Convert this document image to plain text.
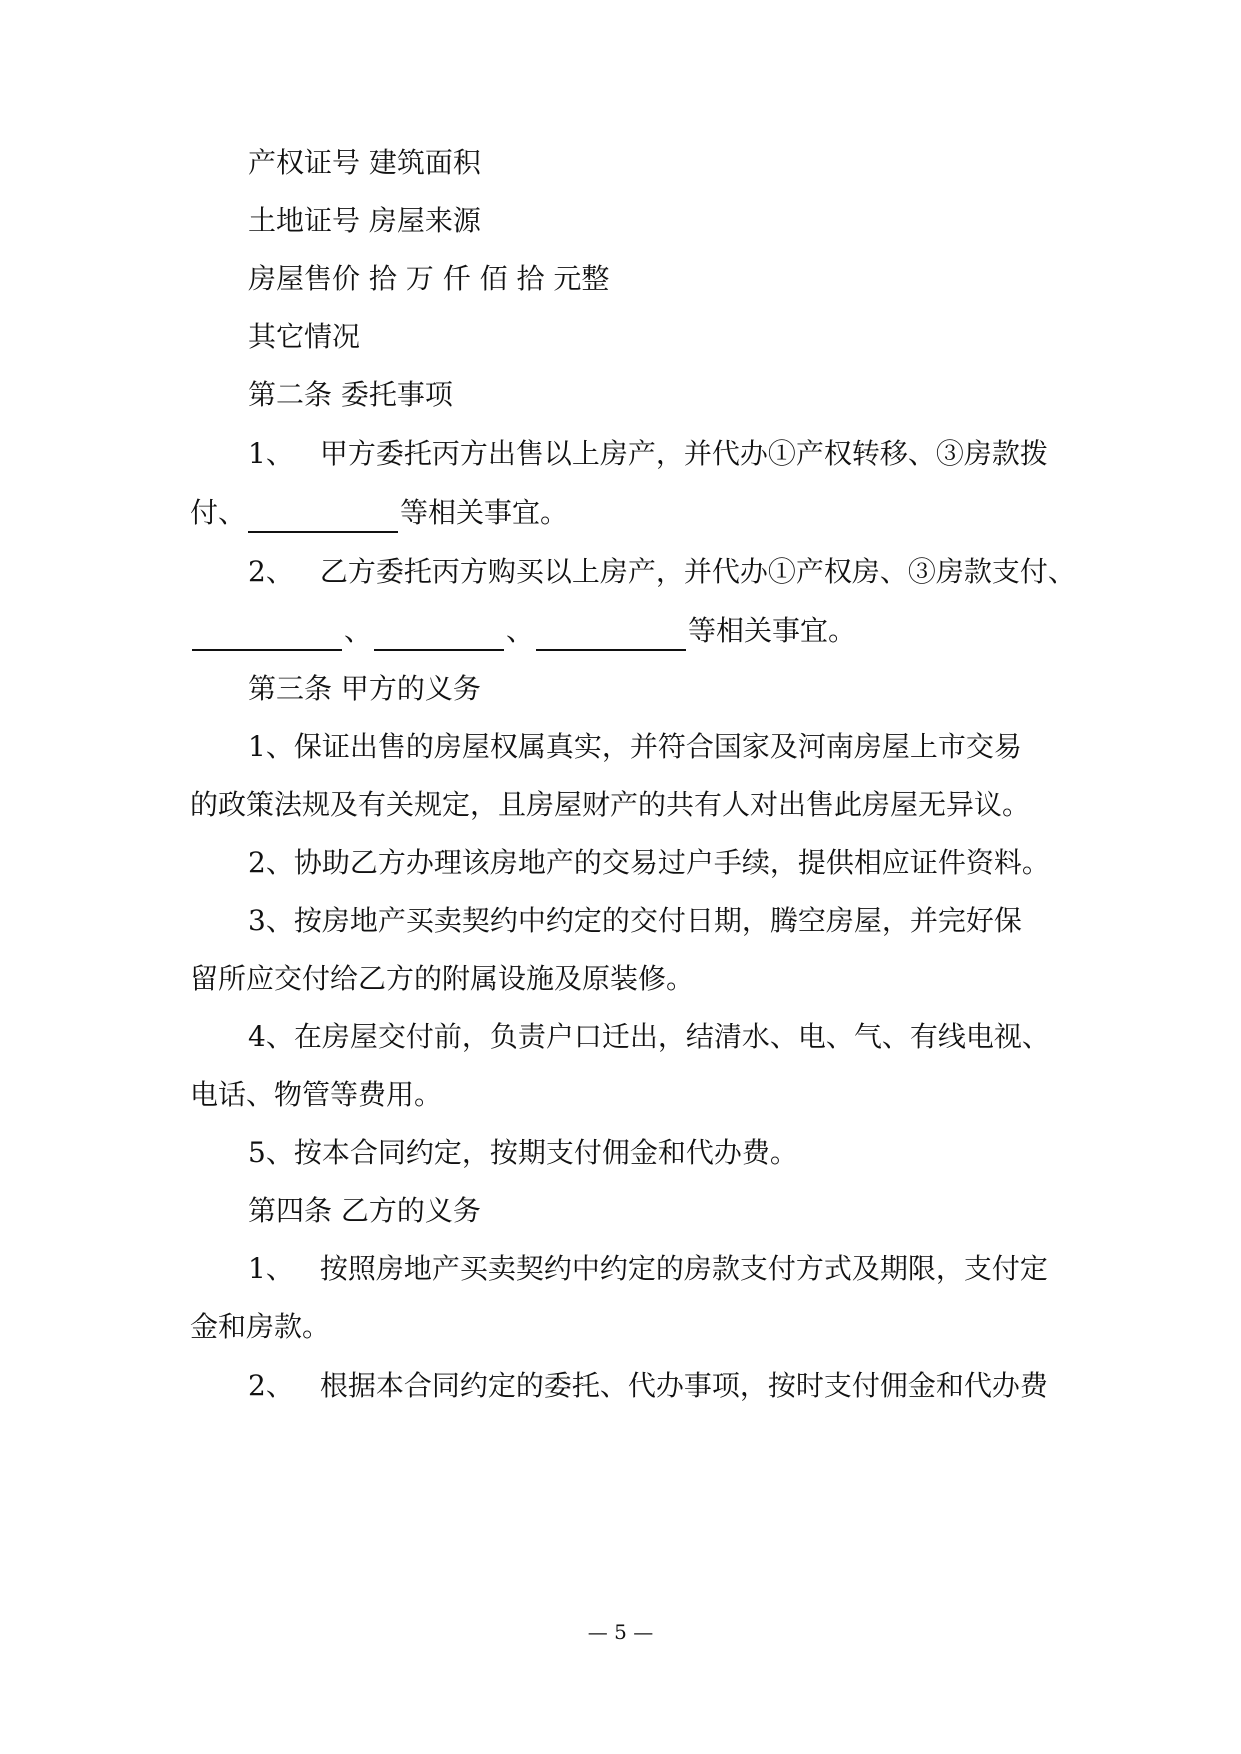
产权证号 建筑面积
土地证号 房屋来源
房屋售价 拾 万 仟 佰 拾 元整
其它情况
第二条 委托事项
1、 甲方委托丙方出售以上房产，并代办①产权转移、③房款拨
付、	等相关事宜。
2、 乙方委托丙方购买以上房产，并代办①产权房、③房款支付、
、	、	等相关事宜。
第三条 甲方的义务
1、保证出售的房屋权属真实，并符合国家及河南房屋上市交易
的政策法规及有关规定，且房屋财产的共有人对出售此房屋无异议。
2、协助乙方办理该房地产的交易过户手续，提供相应证件资料。
3、按房地产买卖契约中约定的交付日期，腾空房屋，并完好保
留所应交付给乙方的附属设施及原装修。
4、在房屋交付前，负责户口迁出，结清水、电、气、有线电视、
电话、物管等费用。
5、按本合同约定，按期支付佣金和代办费。
第四条 乙方的义务
1、 按照房地产买卖契约中约定的房款支付方式及期限，支付定
金和房款。
2、 根据本合同约定的委托、代办事项，按时支付佣金和代办费
— 5 —
